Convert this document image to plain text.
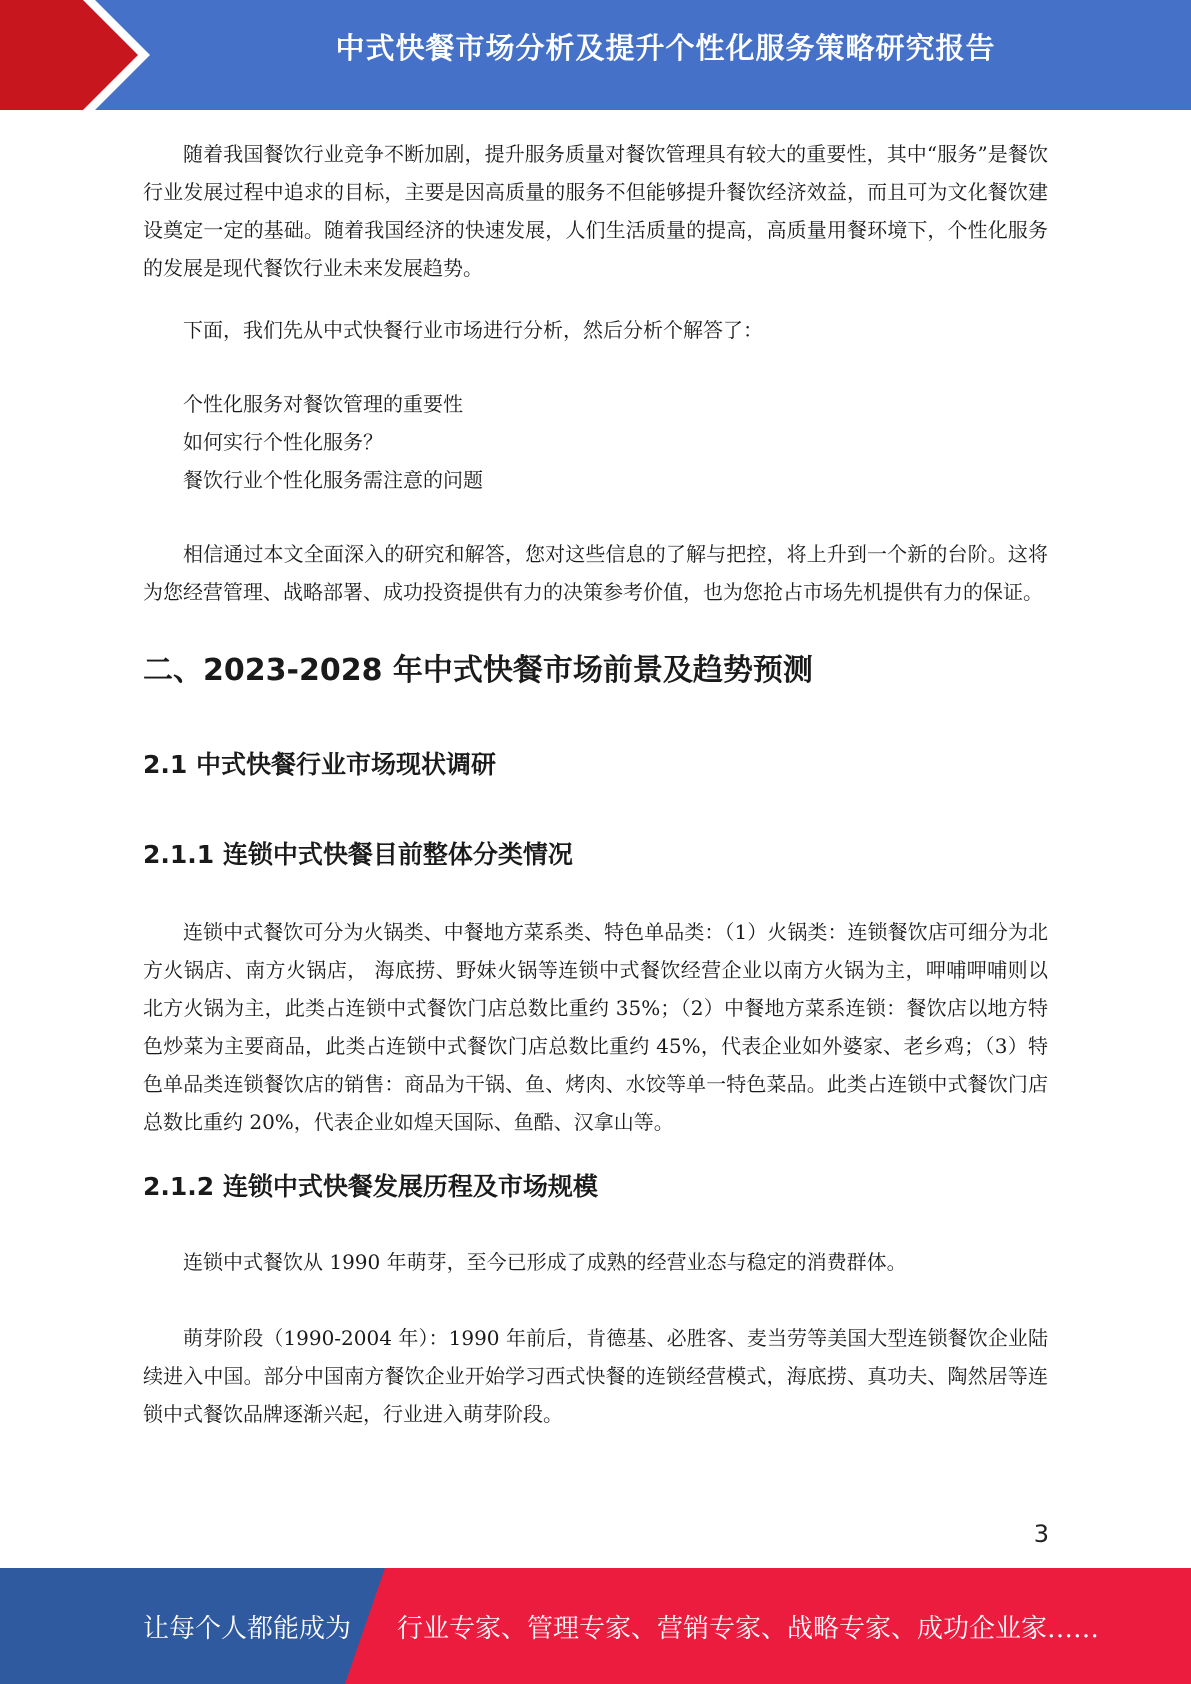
中式快餐市场分析及提升个性化服务策略研究报告

随着我国餐饮行业竞争不断加剧，提升服务质量对餐饮管理具有较大的重要性，其中“服务”是餐饮行业发展过程中追求的目标，主要是因高质量的服务不但能够提升餐饮经济效益，而且可为文化餐饮建设奠定一定的基础。随着我国经济的快速发展，人们生活质量的提高，高质量用餐环境下，个性化服务的发展是现代餐饮行业未来发展趋势。

下面，我们先从中式快餐行业市场进行分析，然后分析个解答了：

个性化服务对餐饮管理的重要性

如何实行个性化服务？

餐饮行业个性化服务需注意的问题

相信通过本文全面深入的研究和解答，您对这些信息的了解与把控，将上升到一个新的台阶。这将为您经营管理、战略部署、成功投资提供有力的决策参考价值，也为您抢占市场先机提供有力的保证。

二、2023-2028 年中式快餐市场前景及趋势预测
2.1 中式快餐行业市场现状调研
2.1.1 连锁中式快餐目前整体分类情况

连锁中式餐饮可分为火锅类、中餐地方菜系类、特色单品类：（1）火锅类：连锁餐饮店可细分为北方火锅店、南方火锅店， 海底捞、野妹火锅等连锁中式餐饮经营企业以南方火锅为主，呷哺呷哺则以北方火锅为主，此类占连锁中式餐饮门店总数比重约 35%；（2）中餐地方菜系连锁：餐饮店以地方特色炒菜为主要商品，此类占连锁中式餐饮门店总数比重约 45%，代表企业如外婆家、老乡鸡；（3）特色单品类连锁餐饮店的销售：商品为干锅、鱼、烤肉、水饺等单一特色菜品。此类占连锁中式餐饮门店总数比重约 20%，代表企业如煌天国际、鱼酷、汉拿山等。

2.1.2 连锁中式快餐发展历程及市场规模

连锁中式餐饮从 1990 年萌芽，至今已形成了成熟的经营业态与稳定的消费群体。

萌芽阶段（1990-2004 年）：1990 年前后，肯德基、必胜客、麦当劳等美国大型连锁餐饮企业陆续进入中国。部分中国南方餐饮企业开始学习西式快餐的连锁经营模式，海底捞、真功夫、陶然居等连锁中式餐饮品牌逐渐兴起，行业进入萌芽阶段。

3
让每个人都能成为 行业专家、管理专家、营销专家、战略专家、成功企业家……
